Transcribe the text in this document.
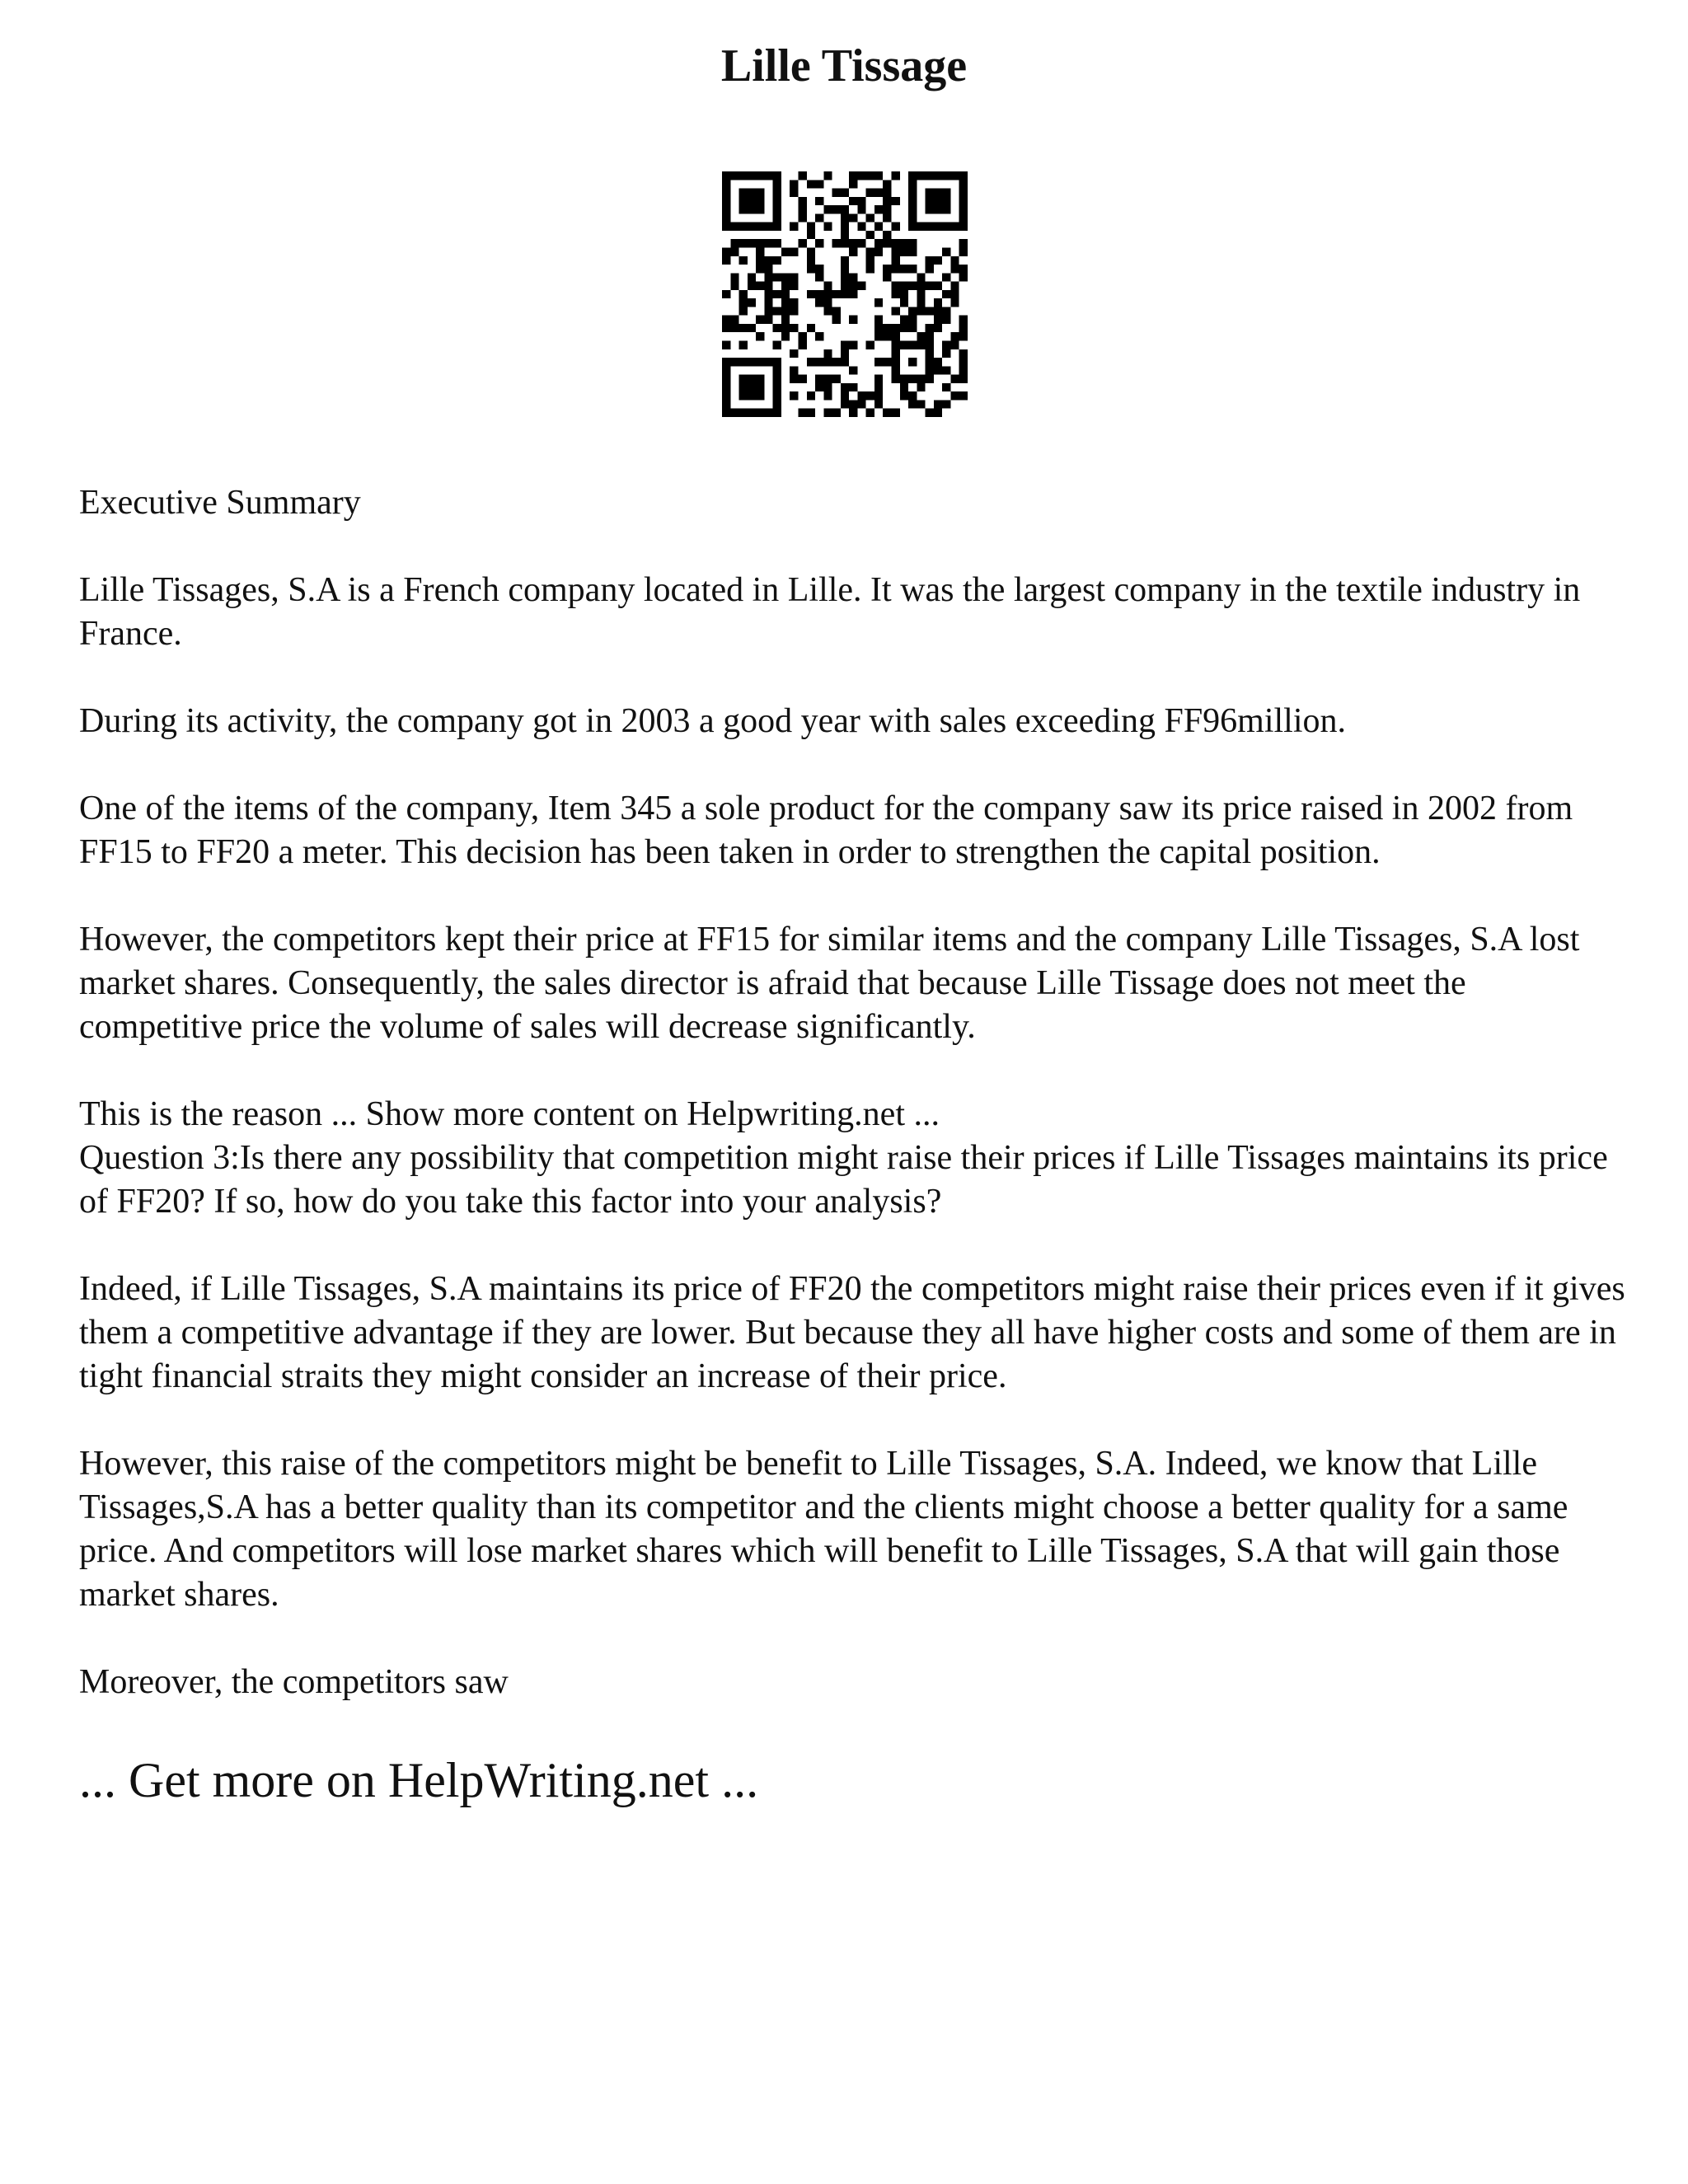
Lille Tissage

Executive Summary

Lille Tissages, S.A is a French company located in Lille. It was the largest company in the textile industry in France.

During its activity, the company got in 2003 a good year with sales exceeding FF96million.

One of the items of the company, Item 345 a sole product for the company saw its price raised in 2002 from FF15 to FF20 a meter. This decision has been taken in order to strengthen the capital position.

However, the competitors kept their price at FF15 for similar items and the company Lille Tissages, S.A lost market shares. Consequently, the sales director is afraid that because Lille Tissage does not meet the competitive price the volume of sales will decrease significantly.

This is the reason ... Show more content on Helpwriting.net ...

Question 3:Is there any possibility that competition might raise their prices if Lille Tissages maintains its price of FF20? If so, how do you take this factor into your analysis?

Indeed, if Lille Tissages, S.A maintains its price of FF20 the competitors might raise their prices even if it gives them a competitive advantage if they are lower. But because they all have higher costs and some of them are in tight financial straits they might consider an increase of their price.

However, this raise of the competitors might be benefit to Lille Tissages, S.A. Indeed, we know that Lille Tissages,S.A has a better quality than its competitor and the clients might choose a better quality for a same price. And competitors will lose market shares which will benefit to Lille Tissages, S.A that will gain those market shares.

Moreover, the competitors saw

... Get more on HelpWriting.net ...
